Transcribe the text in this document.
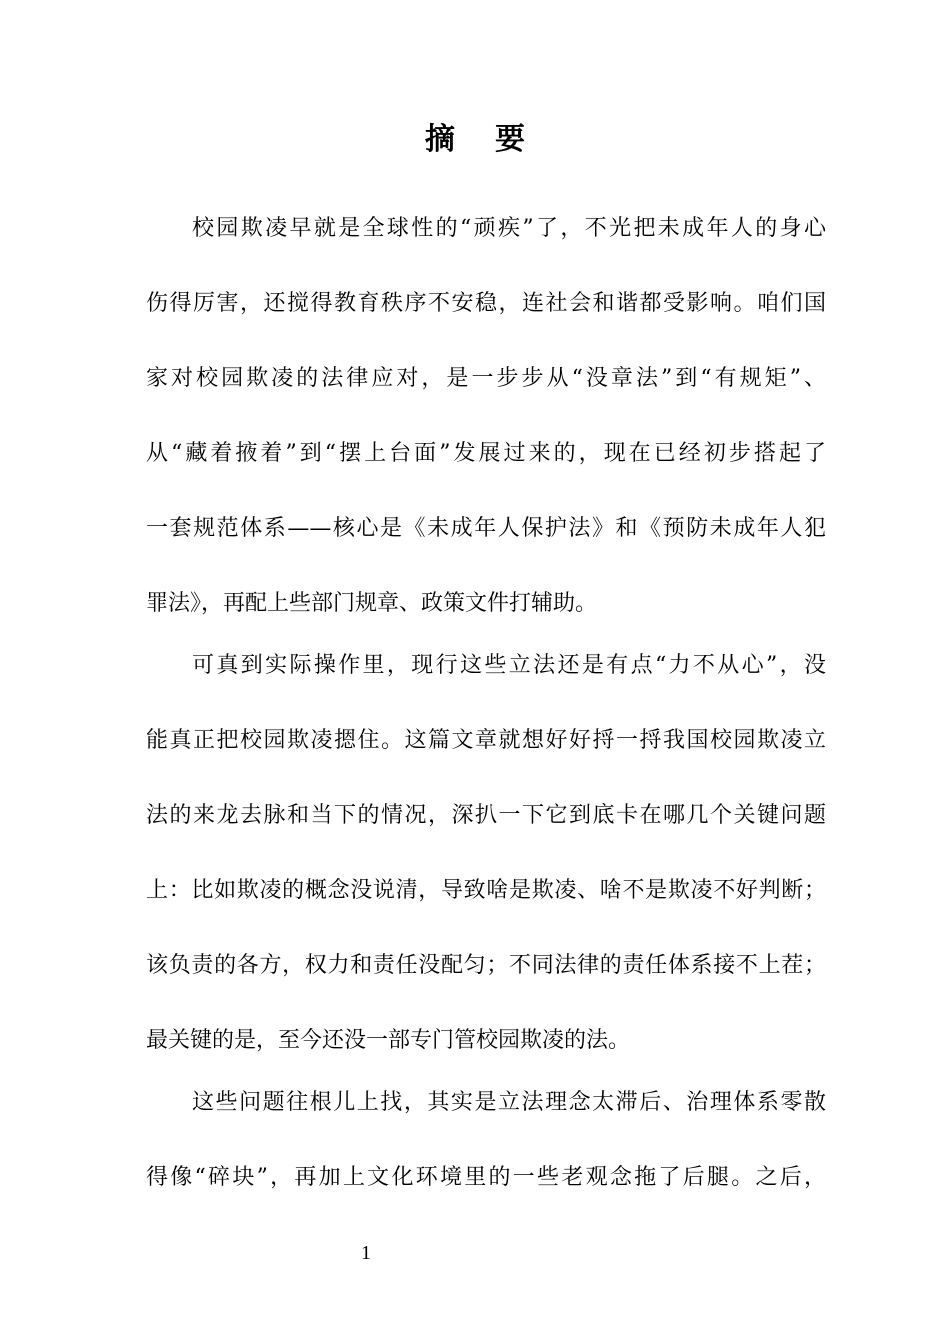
摘 要
校园欺凌早就是全球性的“顽疾”了，不光把未成年人的身心
伤得厉害，还搅得教育秩序不安稳，连社会和谐都受影响。咱们国
家对校园欺凌的法律应对，是一步步从“没章法”到“有规矩”、
从“藏着掖着”到“摆上台面”发展过来的，现在已经初步搭起了
一套规范体系——核心是《未成年人保护法》和《预防未成年人犯
罪法》，再配上些部门规章、政策文件打辅助。
可真到实际操作里，现行这些立法还是有点“力不从心”，没
能真正把校园欺凌摁住。这篇文章就想好好捋一捋我国校园欺凌立
法的来龙去脉和当下的情况，深扒一下它到底卡在哪几个关键问题
上：比如欺凌的概念没说清，导致啥是欺凌、啥不是欺凌不好判断；
该负责的各方，权力和责任没配匀；不同法律的责任体系接不上茬；
最关键的是，至今还没一部专门管校园欺凌的法。
这些问题往根儿上找，其实是立法理念太滞后、治理体系零散
得像“碎块”，再加上文化环境里的一些老观念拖了后腿。之后，
1
